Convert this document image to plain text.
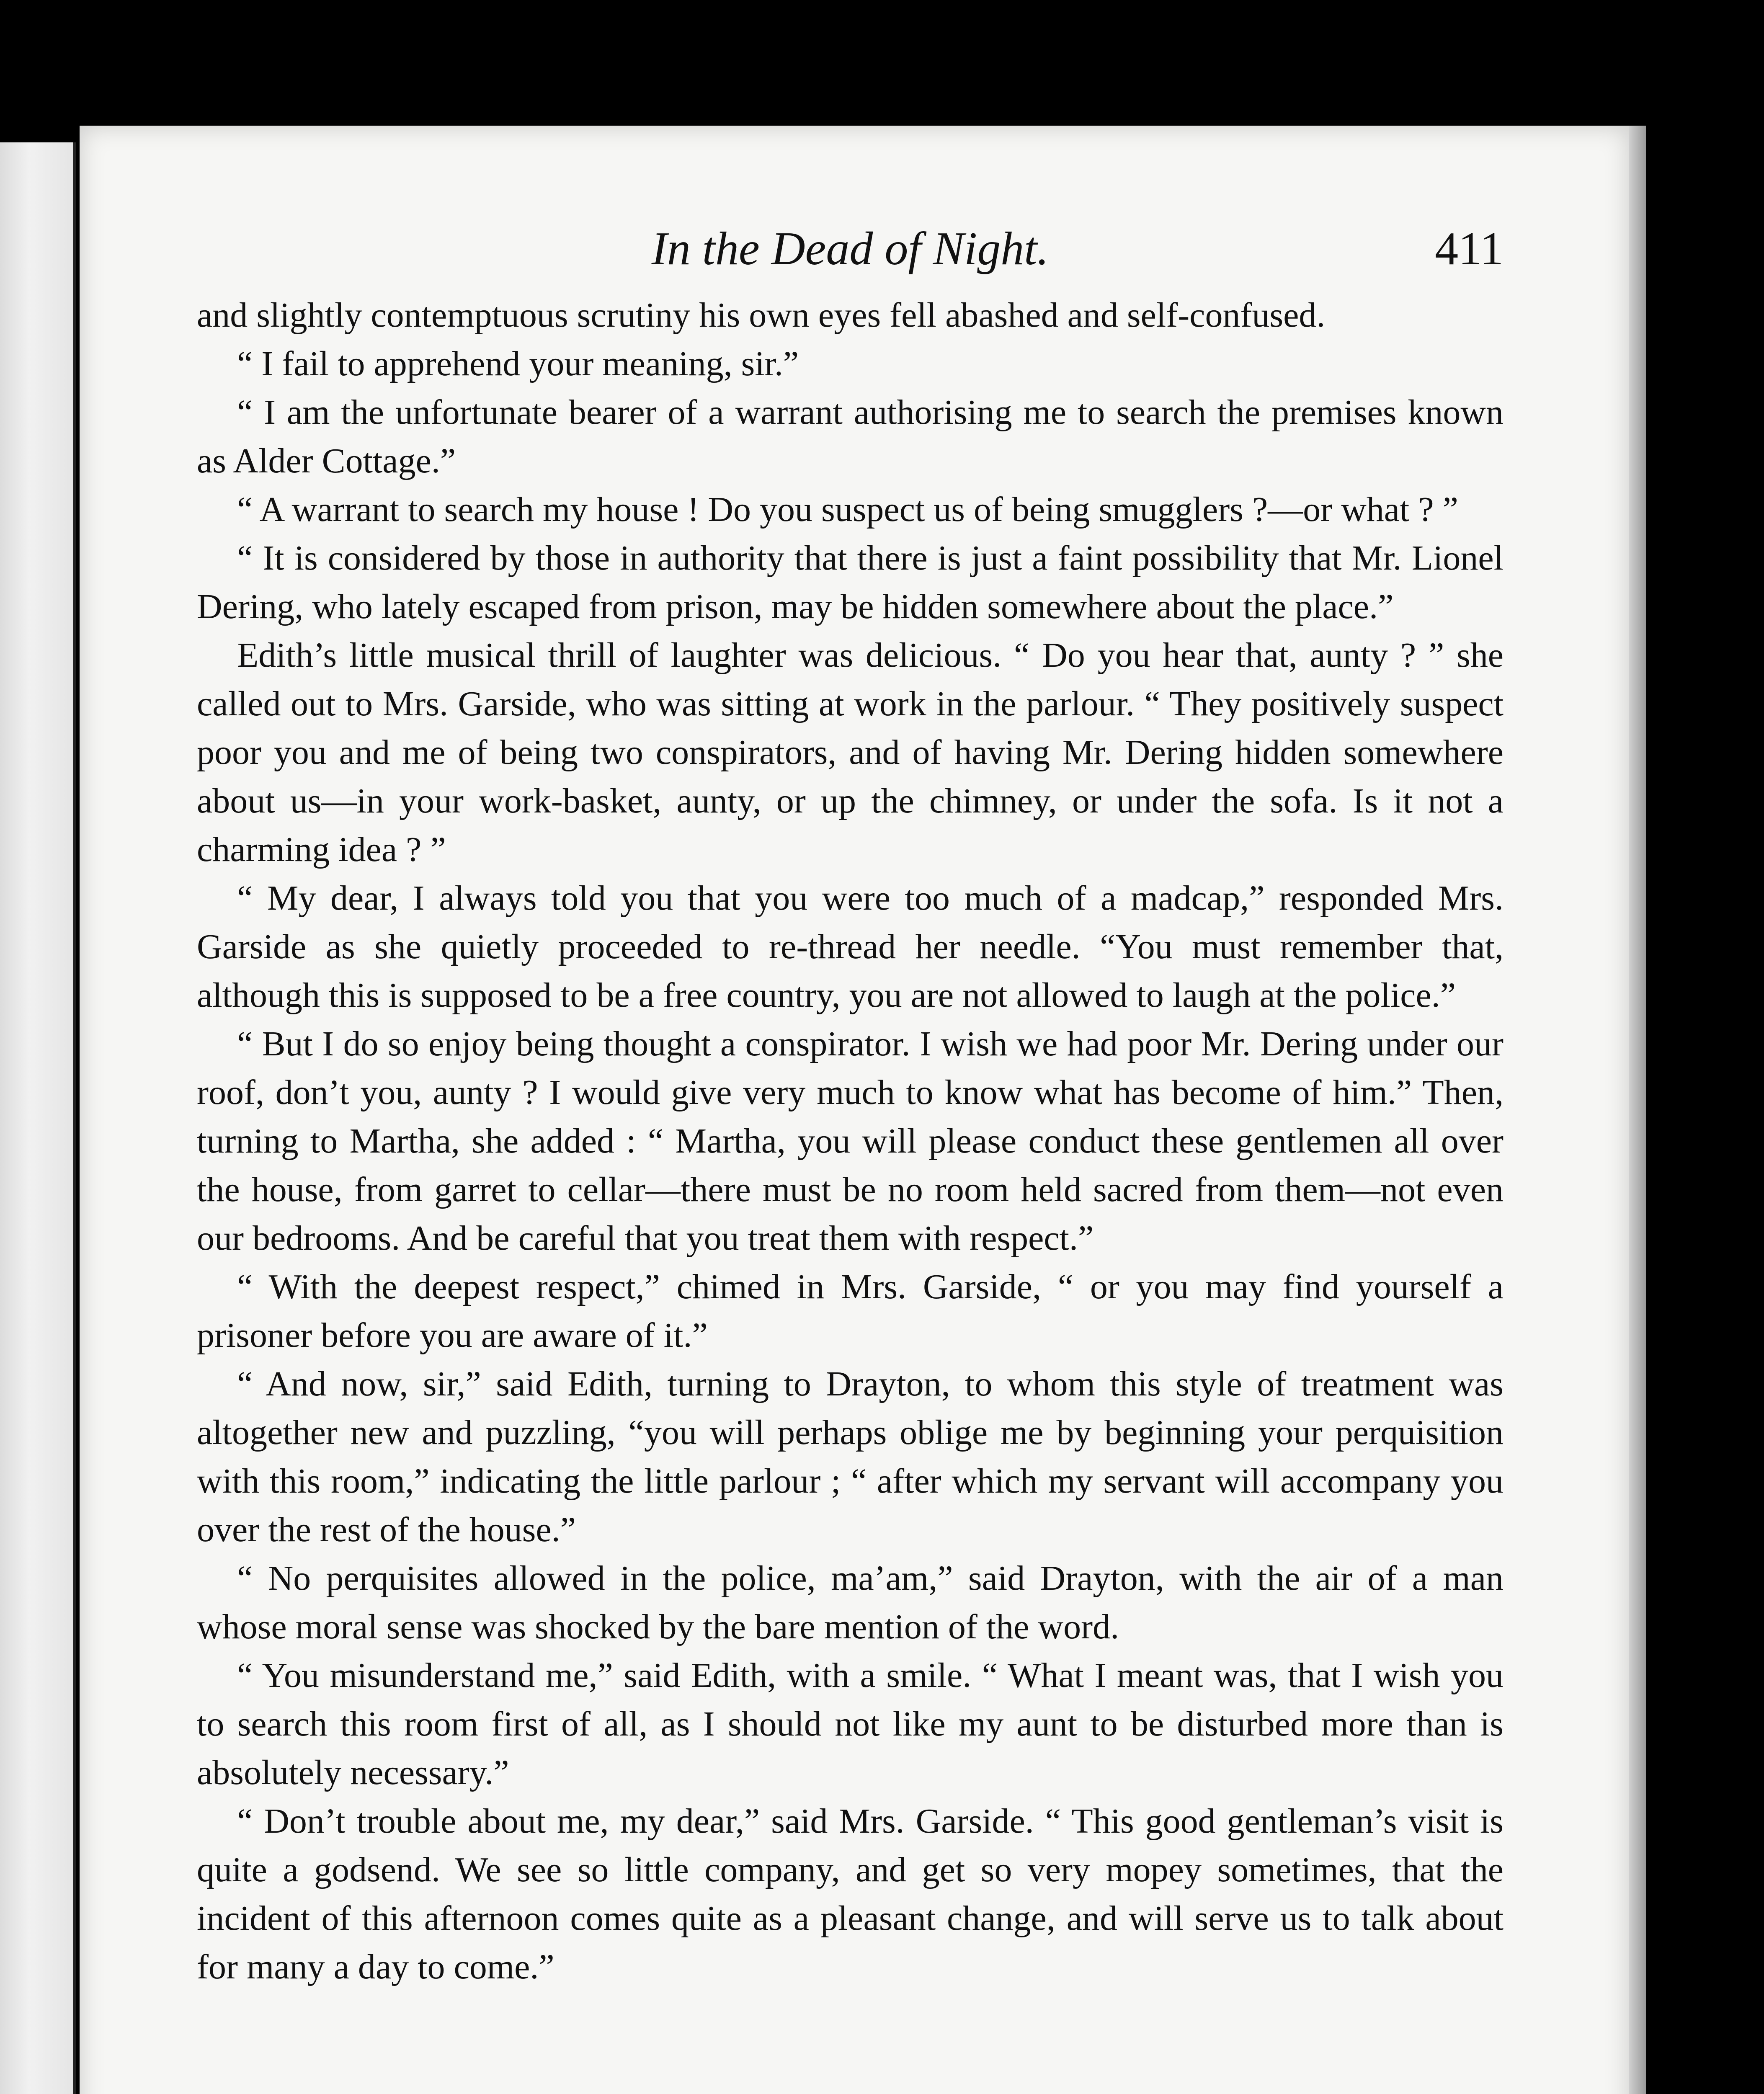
In the Dead of Night.	411

and slightly contemptuous scrutiny his own eyes fell abashed and self-confused.

“ I fail to apprehend your meaning, sir.”

“ I am the unfortunate bearer of a warrant authorising me to search the premises known as Alder Cottage.”

“ A warrant to search my house ! Do you suspect us of being smugglers ?—or what ? ”

“ It is considered by those in authority that there is just a faint possibility that Mr. Lionel Dering, who lately escaped from prison, may be hidden somewhere about the place.”

Edith’s little musical thrill of laughter was delicious. “ Do you hear that, aunty ? ” she called out to Mrs. Garside, who was sitting at work in the parlour. “ They positively suspect poor you and me of being two conspirators, and of having Mr. Dering hidden somewhere about us—in your work-basket, aunty, or up the chimney, or under the sofa. Is it not a charming idea ? ”

“ My dear, I always told you that you were too much of a madcap,” responded Mrs. Garside as she quietly proceeded to re-thread her needle. “You must remember that, although this is supposed to be a free country, you are not allowed to laugh at the police.”

“ But I do so enjoy being thought a conspirator. I wish we had poor Mr. Dering under our roof, don’t you, aunty ? I would give very much to know what has become of him.” Then, turning to Martha, she added : “ Martha, you will please conduct these gentlemen all over the house, from garret to cellar—there must be no room held sacred from them—not even our bedrooms. And be careful that you treat them with respect.”

“ With the deepest respect,” chimed in Mrs. Garside, “ or you may find yourself a prisoner before you are aware of it.”

“ And now, sir,” said Edith, turning to Drayton, to whom this style of treatment was altogether new and puzzling, “you will perhaps oblige me by beginning your perquisition with this room,” indicating the little parlour ; “ after which my servant will accompany you over the rest of the house.”

“ No perquisites allowed in the police, ma’am,” said Drayton, with the air of a man whose moral sense was shocked by the bare mention of the word.

“ You misunderstand me,” said Edith, with a smile. “ What I meant was, that I wish you to search this room first of all, as I should not like my aunt to be disturbed more than is absolutely necessary.”

“ Don’t trouble about me, my dear,” said Mrs. Garside. “ This good gentleman’s visit is quite a godsend. We see so little company, and get so very mopey sometimes, that the incident of this afternoon comes quite as a pleasant change, and will serve us to talk about for many a day to come.”
